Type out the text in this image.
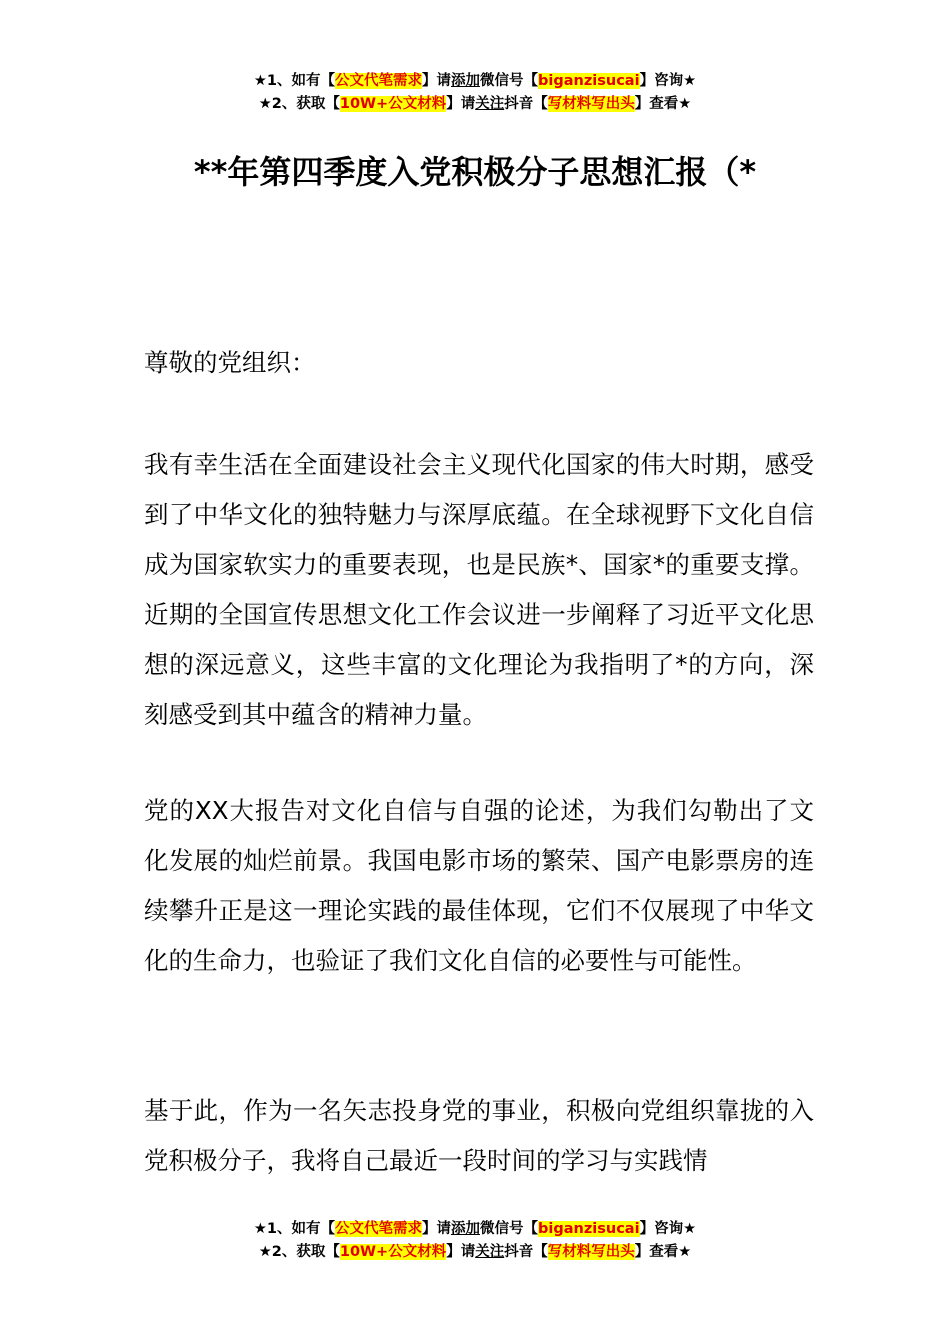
★1、如有【公文代笔需求】请添加微信号【biganzisucai】咨询★
★2、获取【10W+公文材料】请关注抖音【写材料写出头】查看★
**年第四季度入党积极分子思想汇报（*
尊敬的党组织：
我有幸生活在全面建设社会主义现代化国家的伟大时期，感受到了中华文化的独特魅力与深厚底蕴。在全球视野下文化自信成为国家软实力的重要表现，也是民族*、国家*的重要支撑。近期的全国宣传思想文化工作会议进一步阐释了习近平文化思想的深远意义，这些丰富的文化理论为我指明了*的方向，深刻感受到其中蕴含的精神力量。
党的XX大报告对文化自信与自强的论述，为我们勾勒出了文化发展的灿烂前景。我国电影市场的繁荣、国产电影票房的连续攀升正是这一理论实践的最佳体现，它们不仅展现了中华文化的生命力，也验证了我们文化自信的必要性与可能性。
基于此，作为一名矢志投身党的事业，积极向党组织靠拢的入党积极分子，我将自己最近一段时间的学习与实践情
★1、如有【公文代笔需求】请添加微信号【biganzisucai】咨询★
★2、获取【10W+公文材料】请关注抖音【写材料写出头】查看★
